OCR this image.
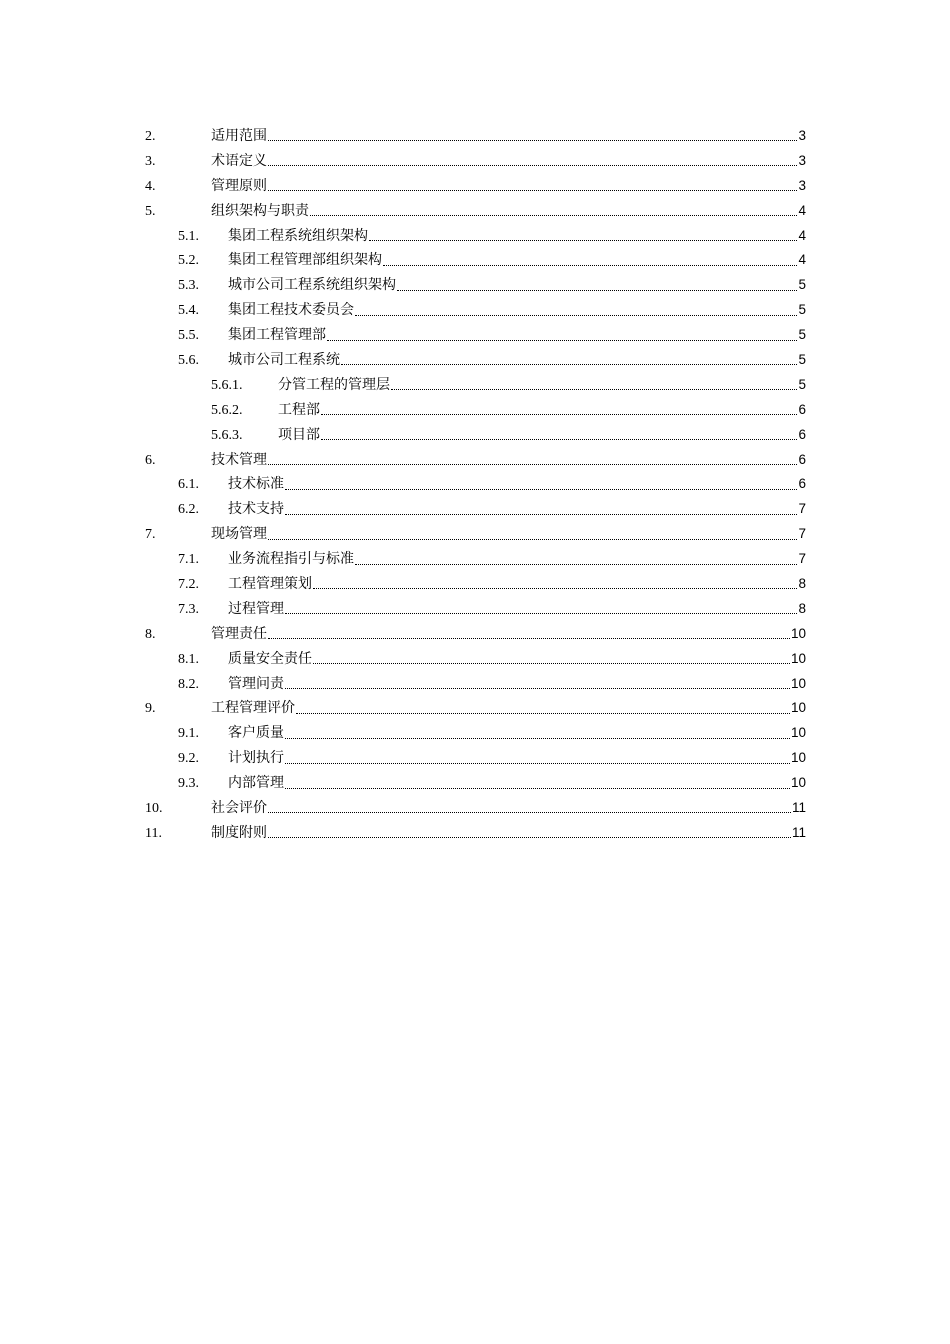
2.	适用范围	3
3.	术语定义	3
4.	管理原则	3
5.	组织架构与职责	4
5.1.	集团工程系统组织架构	4
5.2.	集团工程管理部组织架构	4
5.3.	城市公司工程系统组织架构	5
5.4.	集团工程技术委员会	5
5.5.	集团工程管理部	5
5.6.	城市公司工程系统	5
5.6.1.	分管工程的管理层	5
5.6.2.	工程部	6
5.6.3.	项目部	6
6.	技术管理	6
6.1.	技术标准	6
6.2.	技术支持	7
7.	现场管理	7
7.1.	业务流程指引与标准	7
7.2.	工程管理策划	8
7.3.	过程管理	8
8.	管理责任	10
8.1.	质量安全责任	10
8.2.	管理问责	10
9.	工程管理评价	10
9.1.	客户质量	10
9.2.	计划执行	10
9.3.	内部管理	10
10.	社会评价	11
11.	制度附则	11
